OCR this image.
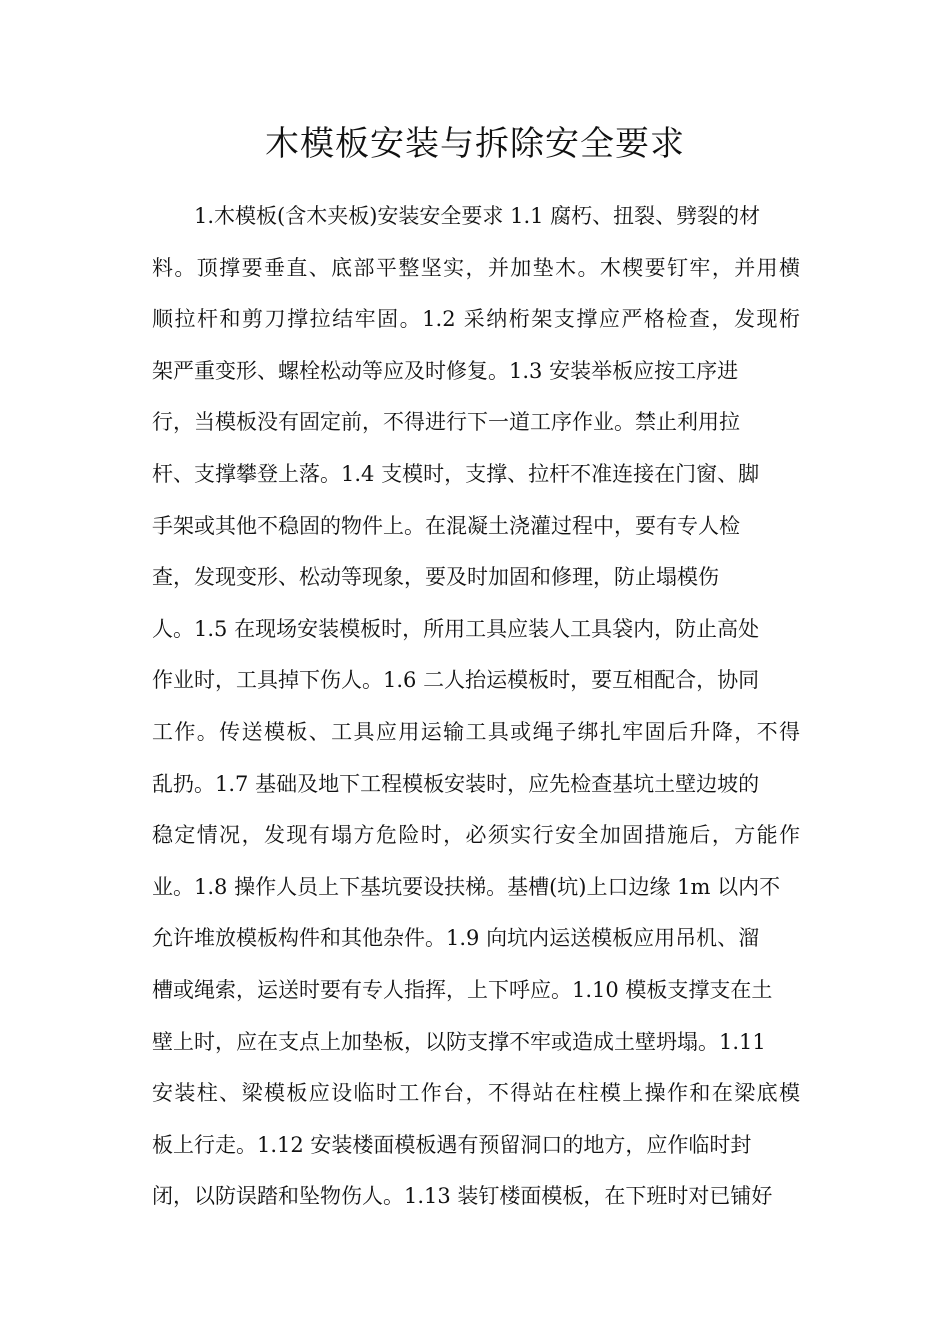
木模板安装与拆除安全要求
1.木模板(含木夹板)安装安全要求 1.1 腐朽、扭裂、劈裂的材
料。顶撑要垂直、底部平整坚实，并加垫木。木楔要钉牢，并用横
顺拉杆和剪刀撑拉结牢固。1.2 采纳桁架支撑应严格检查，发现桁
架严重变形、螺栓松动等应及时修复。1.3 安装举板应按工序进
行，当模板没有固定前，不得进行下一道工序作业。禁止利用拉
杆、支撑攀登上落。1.4 支模时，支撑、拉杆不准连接在门窗、脚
手架或其他不稳固的物件上。在混凝土浇灌过程中，要有专人检
查，发现变形、松动等现象，要及时加固和修理，防止塌模伤
人。1.5 在现场安装模板时，所用工具应装人工具袋内，防止高处
作业时，工具掉下伤人。1.6 二人抬运模板时，要互相配合，协同
工作。传送模板、工具应用运输工具或绳子绑扎牢固后升降，不得
乱扔。1.7 基础及地下工程模板安装时，应先检查基坑土壁边坡的
稳定情况，发现有塌方危险时，必须实行安全加固措施后，方能作
业。1.8 操作人员上下基坑要设扶梯。基槽(坑)上口边缘 1m 以内不
允许堆放模板构件和其他杂件。1.9 向坑内运送模板应用吊机、溜
槽或绳索，运送时要有专人指挥，上下呼应。1.10 模板支撑支在土
壁上时，应在支点上加垫板，以防支撑不牢或造成土壁坍塌。1.11
安装柱、梁模板应设临时工作台，不得站在柱模上操作和在梁底模
板上行走。1.12 安装楼面模板遇有预留洞口的地方，应作临时封
闭，以防误踏和坠物伤人。1.13 装钉楼面模板，在下班时对已铺好
